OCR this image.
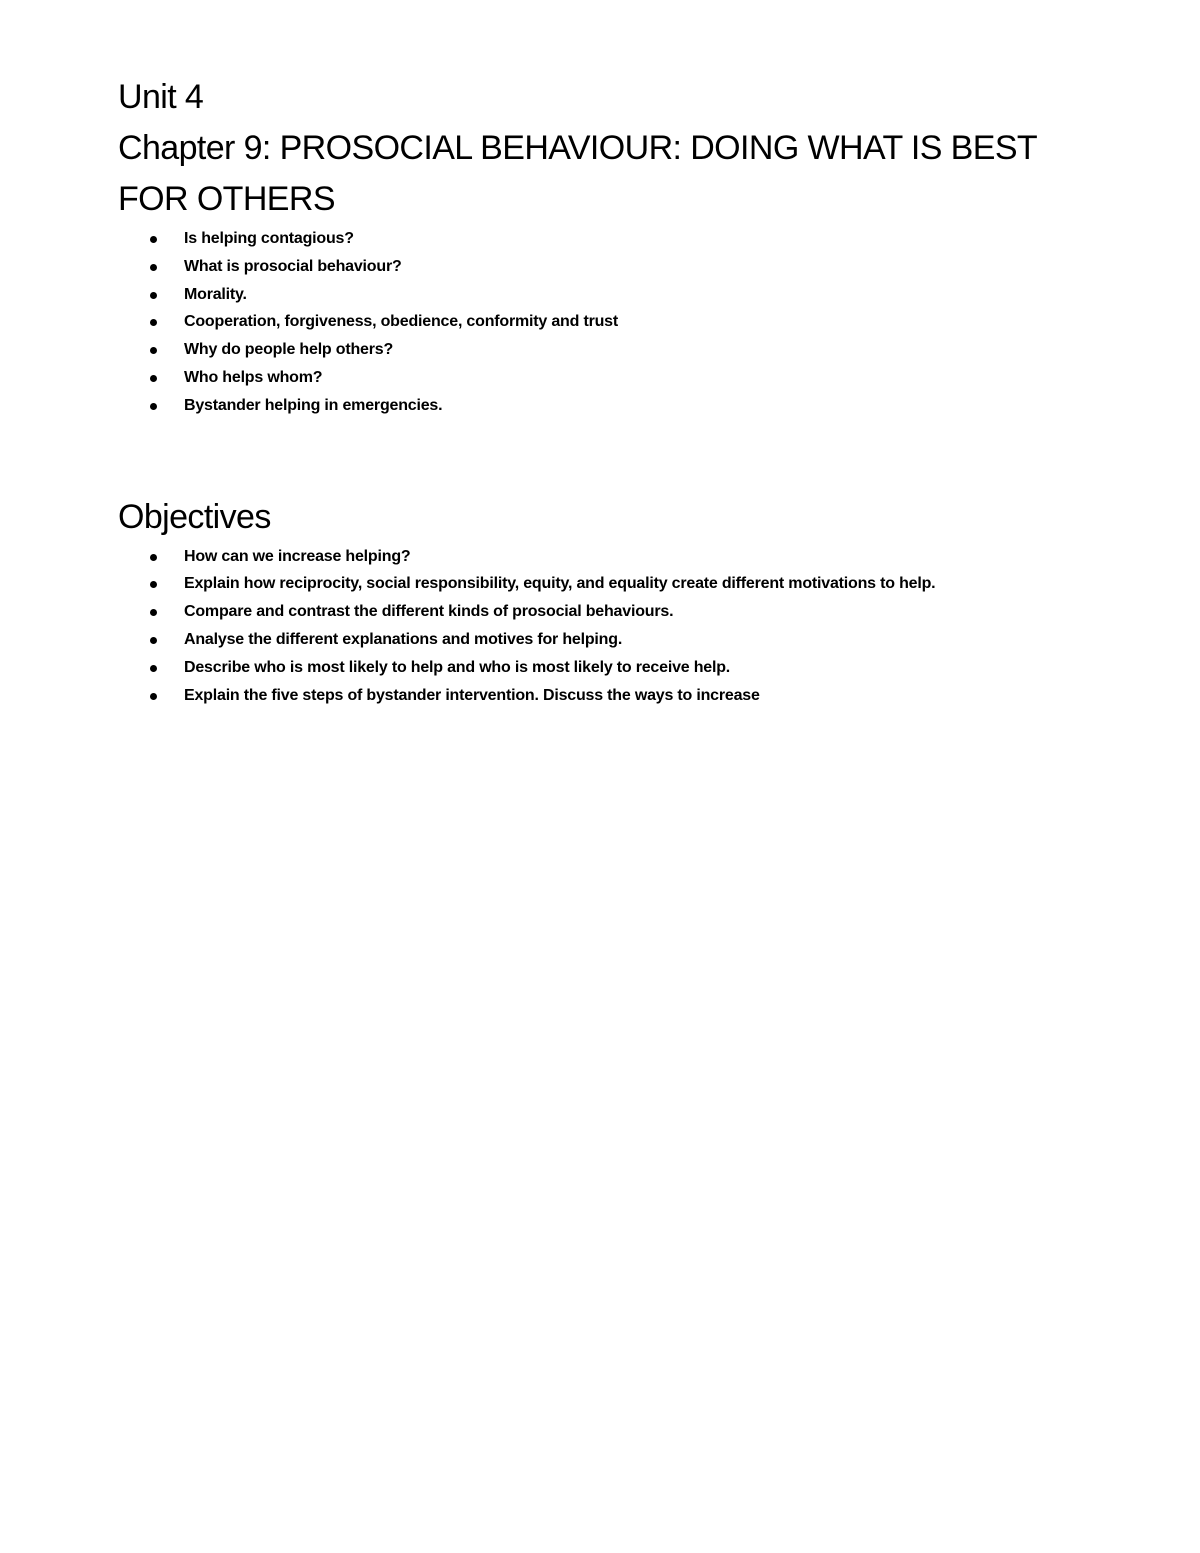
Unit 4
Chapter 9: PROSOCIAL BEHAVIOUR: DOING WHAT IS BEST FOR OTHERS
Is helping contagious?
What is prosocial behaviour?
Morality.
Cooperation, forgiveness, obedience, conformity and trust
Why do people help others?
Who helps whom?
Bystander helping in emergencies.
Objectives
How can we increase helping?
Explain how reciprocity, social responsibility, equity, and equality create different motivations to help.
Compare and contrast the different kinds of prosocial behaviours.
Analyse the different explanations and motives for helping.
Describe who is most likely to help and who is most likely to receive help.
Explain the five steps of bystander intervention. Discuss the ways to increase
